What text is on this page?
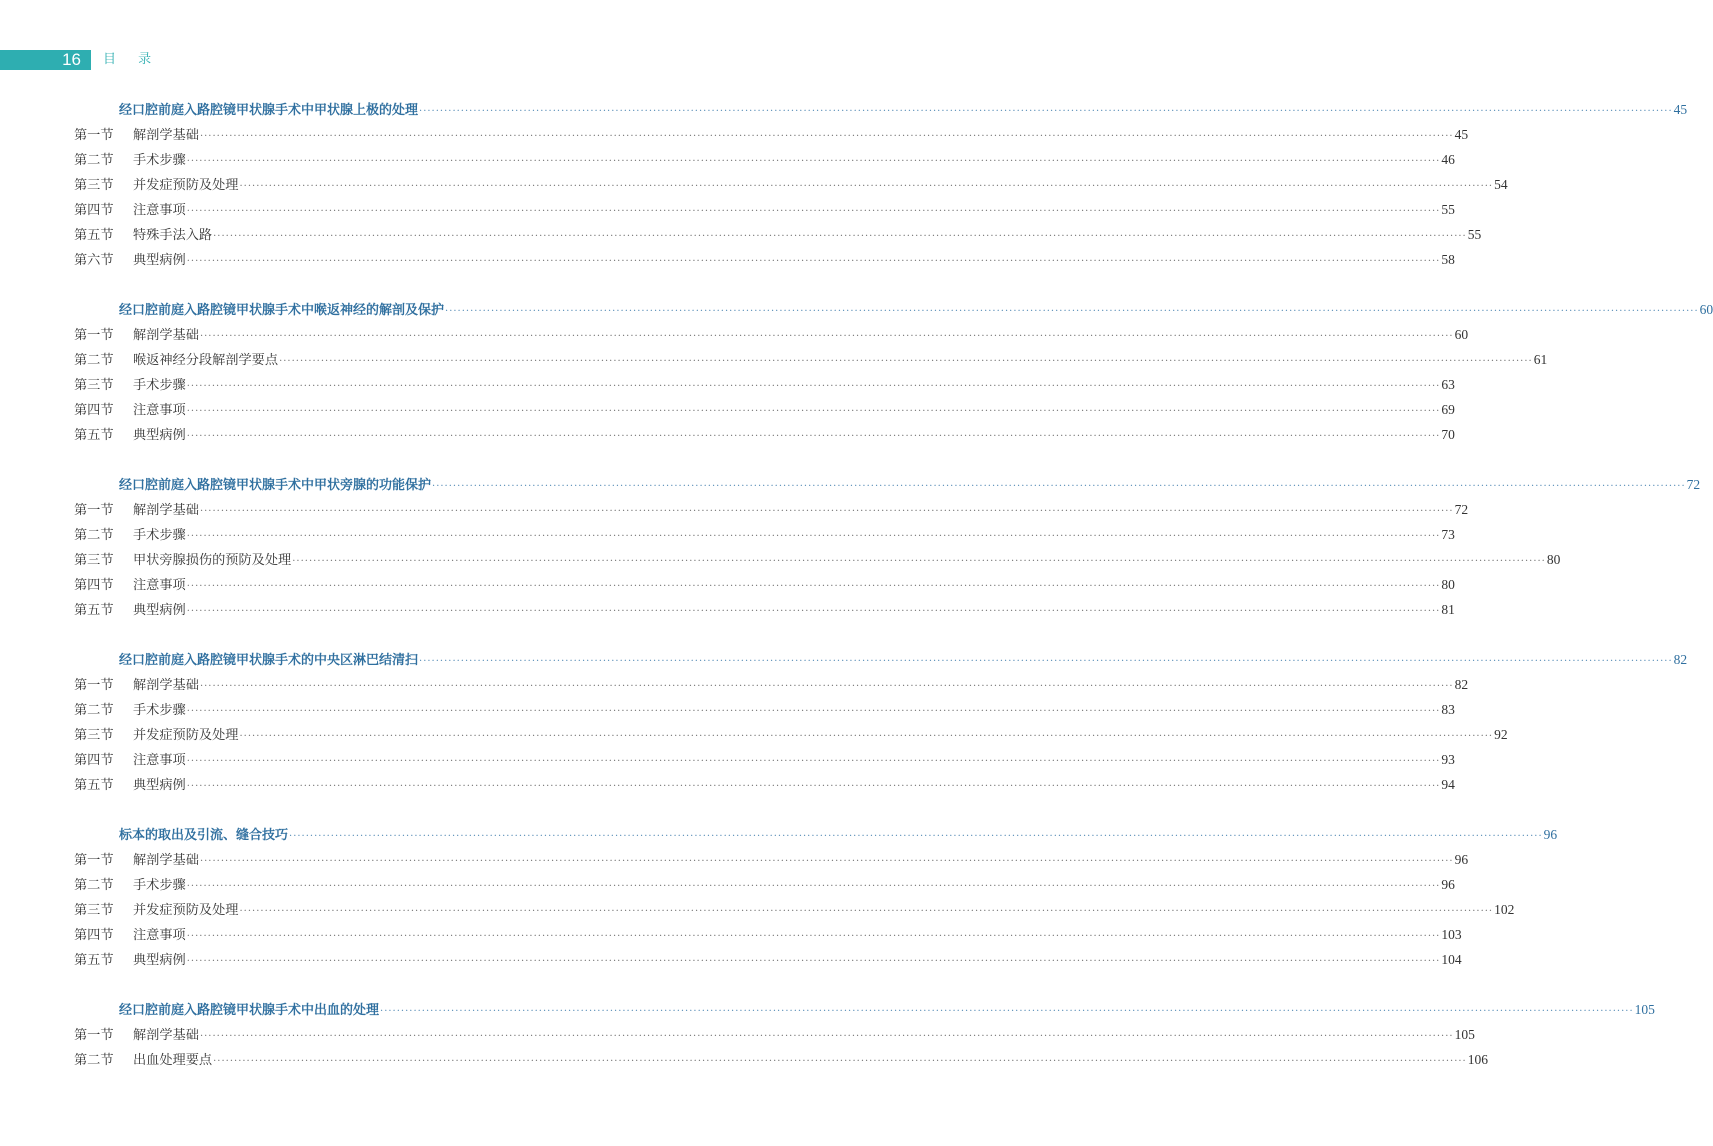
16 目 录
经口腔前庭入路腔镜甲状腺手术中甲状腺上极的处理 ············································································································································································································································································································ 45
第一节	解剖学基础 ············································································································································································································································································································ 45
第二节	手术步骤 ············································································································································································································································································································ 46
第三节	并发症预防及处理 ············································································································································································································································································································ 54
第四节	注意事项 ············································································································································································································································································································ 55
第五节	特殊手法入路 ············································································································································································································································································································ 55
第六节	典型病例 ············································································································································································································································································································ 58
经口腔前庭入路腔镜甲状腺手术中喉返神经的解剖及保护 ············································································································································································································································································································ 60
第一节	解剖学基础 ············································································································································································································································································································ 60
第二节	喉返神经分段解剖学要点 ············································································································································································································································································································ 61
第三节	手术步骤 ············································································································································································································································································································ 63
第四节	注意事项 ············································································································································································································································································································ 69
第五节	典型病例 ············································································································································································································································································································ 70
经口腔前庭入路腔镜甲状腺手术中甲状旁腺的功能保护 ············································································································································································································································································································ 72
第一节	解剖学基础 ············································································································································································································································································································ 72
第二节	手术步骤 ············································································································································································································································································································ 73
第三节	甲状旁腺损伤的预防及处理 ············································································································································································································································································································ 80
第四节	注意事项 ············································································································································································································································································································ 80
第五节	典型病例 ············································································································································································································································································································ 81
经口腔前庭入路腔镜甲状腺手术的中央区淋巴结清扫 ············································································································································································································································································································ 82
第一节	解剖学基础 ············································································································································································································································································································ 82
第二节	手术步骤 ············································································································································································································································································································ 83
第三节	并发症预防及处理 ············································································································································································································································································································ 92
第四节	注意事项 ············································································································································································································································································································ 93
第五节	典型病例 ············································································································································································································································································································ 94
标本的取出及引流、缝合技巧 ············································································································································································································································································································ 96
第一节	解剖学基础 ············································································································································································································································································································ 96
第二节	手术步骤 ············································································································································································································································································································ 96
第三节	并发症预防及处理 ············································································································································································································································································································ 102
第四节	注意事项 ············································································································································································································································································································ 103
第五节	典型病例 ············································································································································································································································································································ 104
经口腔前庭入路腔镜甲状腺手术中出血的处理 ············································································································································································································································································································ 105
第一节	解剖学基础 ············································································································································································································································································································ 105
第二节	出血处理要点 ············································································································································································································································································································ 106
